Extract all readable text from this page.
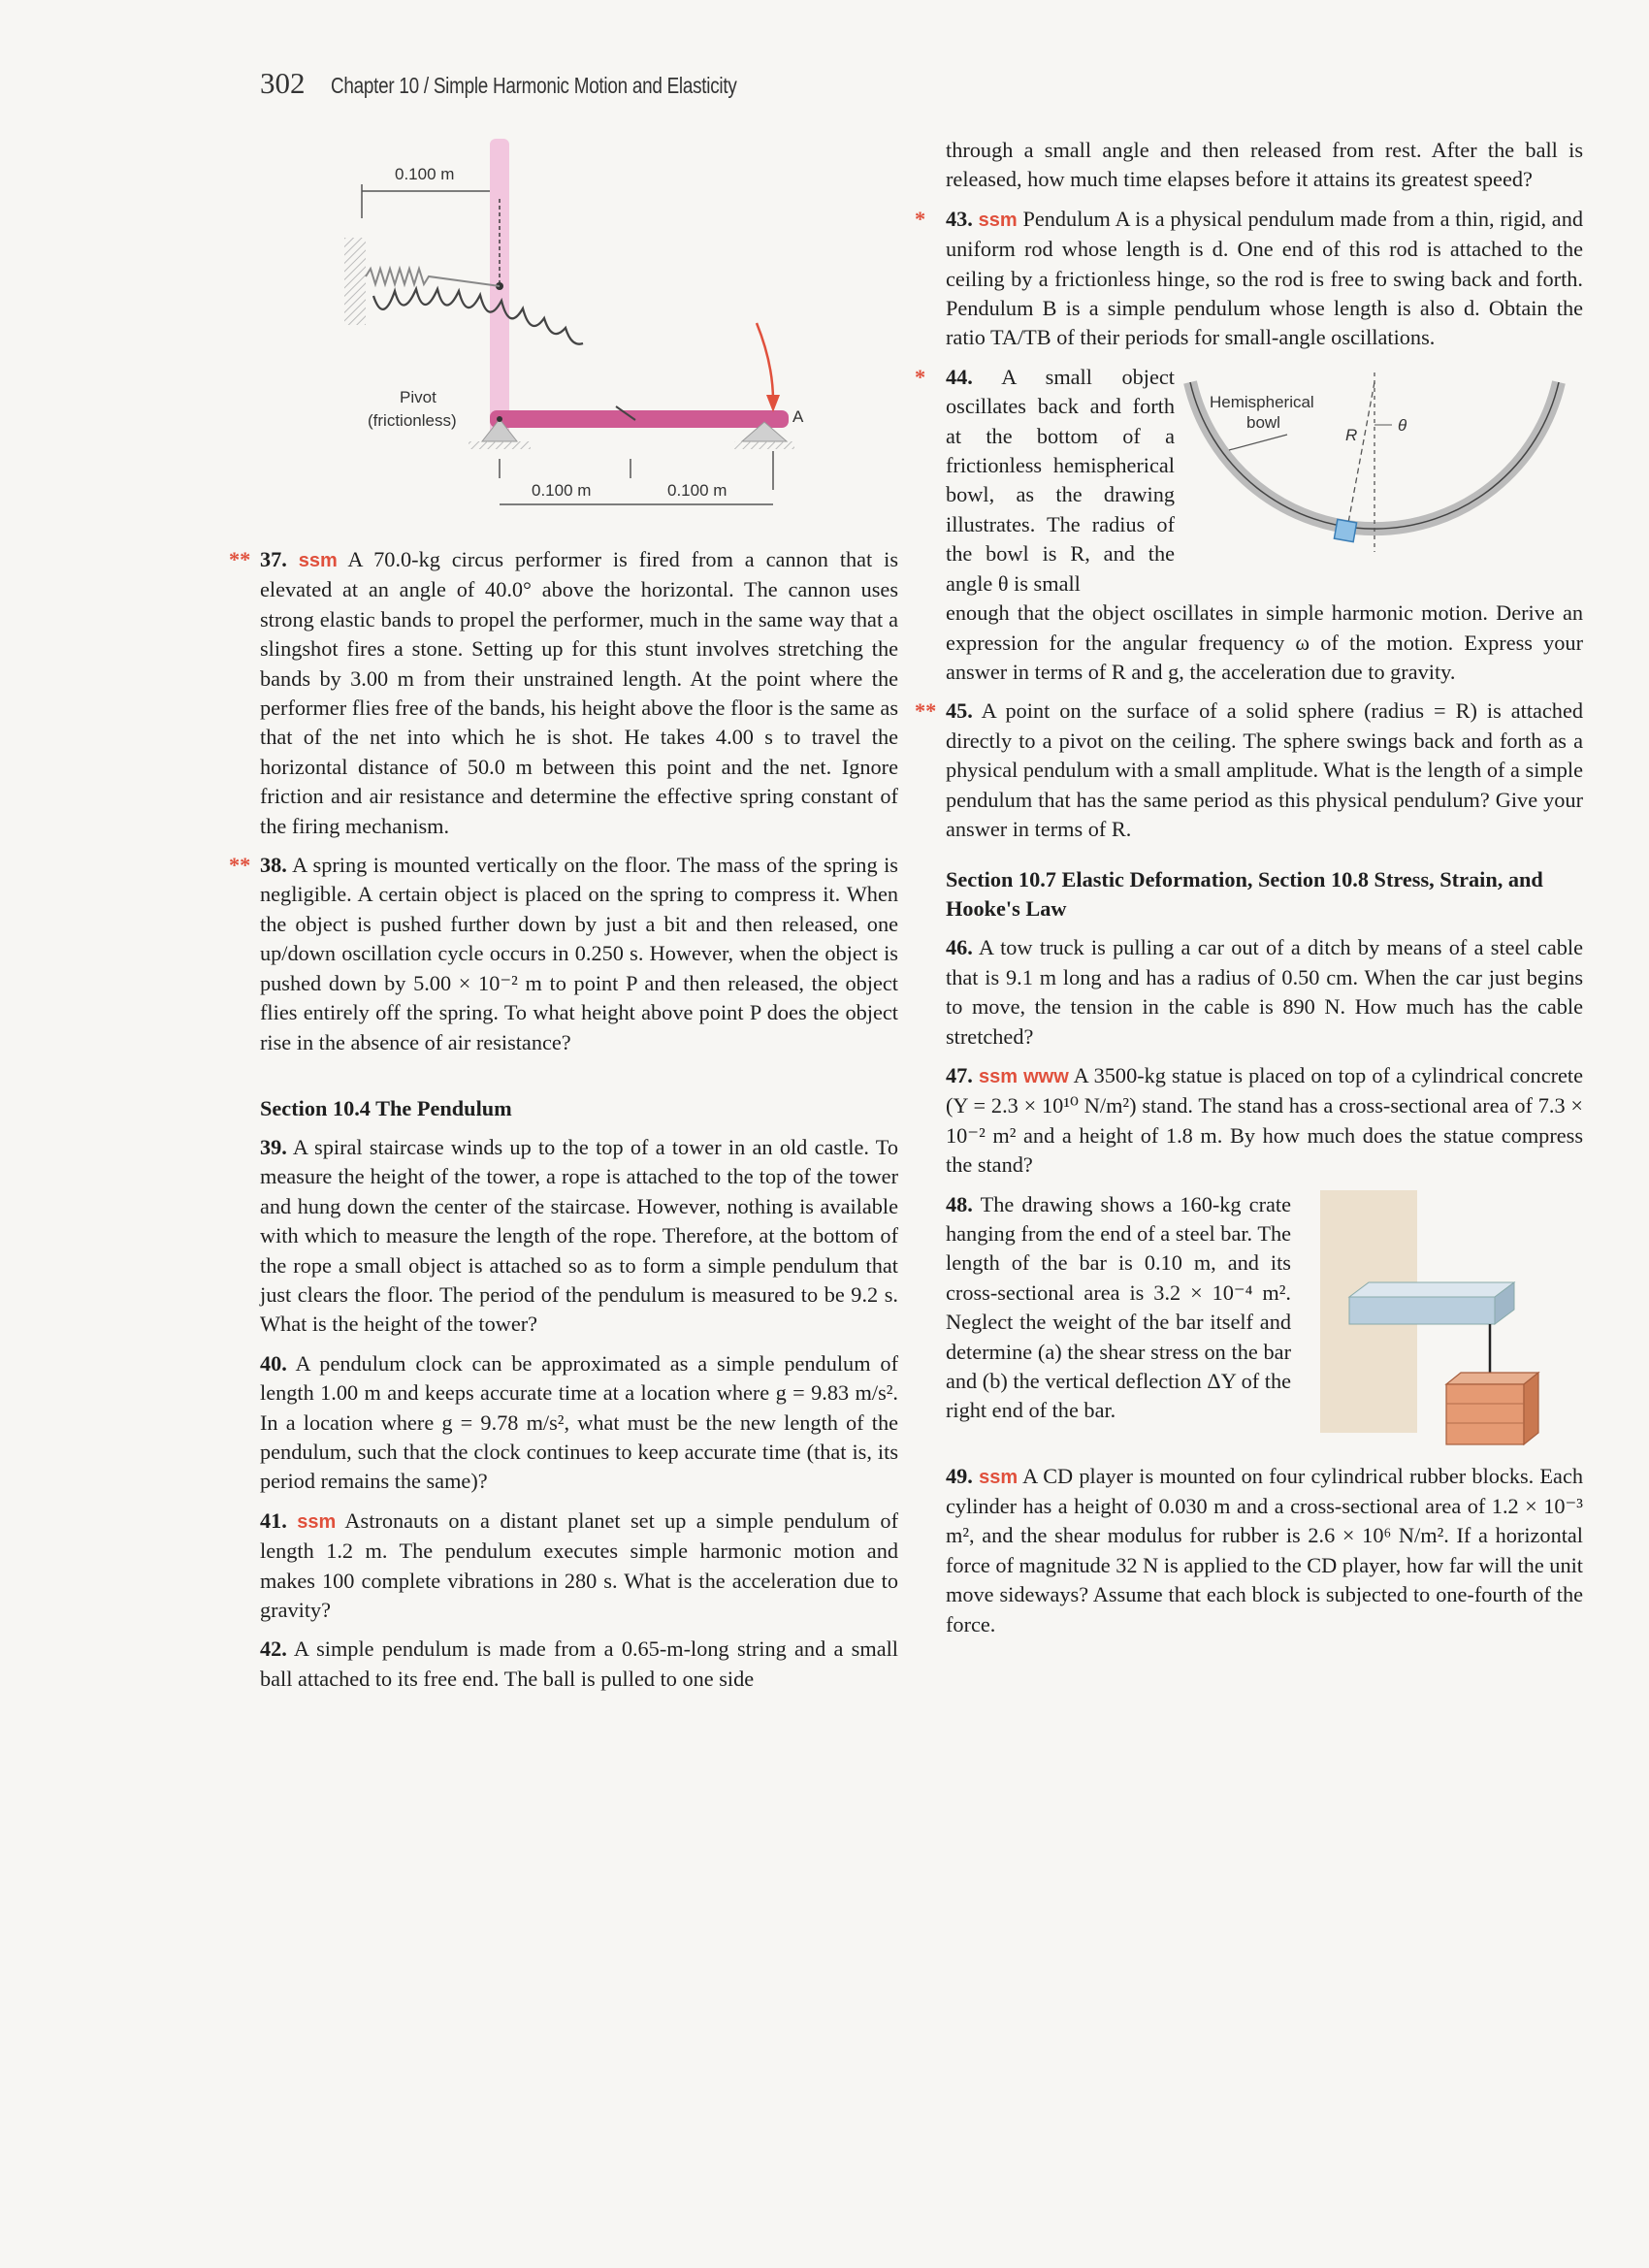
302 Chapter 10 / Simple Harmonic Motion and Elasticity
0.100 m
A
Pivot
(frictionless)
0.100 m	0.100 m

** 37. ssm A 70.0-kg circus performer is fired from a cannon that is elevated at an angle of 40.0° above the horizontal. The cannon uses strong elastic bands to propel the performer, much in the same way that a slingshot fires a stone. Setting up for this stunt involves stretching the bands by 3.00 m from their unstrained length. At the point where the performer flies free of the bands, his height above the floor is the same as that of the net into which he is shot. He takes 4.00 s to travel the horizontal distance of 50.0 m between this point and the net. Ignore friction and air resistance and determine the effective spring constant of the firing mechanism.

** 38. A spring is mounted vertically on the floor. The mass of the spring is negligible. A certain object is placed on the spring to compress it. When the object is pushed further down by just a bit and then released, one up/down oscillation cycle occurs in 0.250 s. However, when the object is pushed down by 5.00 × 10⁻² m to point P and then released, the object flies entirely off the spring. To what height above point P does the object rise in the absence of air resistance?

Section 10.4 The Pendulum

39. A spiral staircase winds up to the top of a tower in an old castle. To measure the height of the tower, a rope is attached to the top of the tower and hung down the center of the staircase. However, nothing is available with which to measure the length of the rope. Therefore, at the bottom of the rope a small object is attached so as to form a simple pendulum that just clears the floor. The period of the pendulum is measured to be 9.2 s. What is the height of the tower?

40. A pendulum clock can be approximated as a simple pendulum of length 1.00 m and keeps accurate time at a location where g = 9.83 m/s². In a location where g = 9.78 m/s², what must be the new length of the pendulum, such that the clock continues to keep accurate time (that is, its period remains the same)?

41. ssm Astronauts on a distant planet set up a simple pendulum of length 1.2 m. The pendulum executes simple harmonic motion and makes 100 complete vibrations in 280 s. What is the acceleration due to gravity?

42. A simple pendulum is made from a 0.65-m-long string and a small ball attached to its free end. The ball is pulled to one side

through a small angle and then released from rest. After the ball is released, how much time elapses before it attains its greatest speed?

* 43. ssm Pendulum A is a physical pendulum made from a thin, rigid, and uniform rod whose length is d. One end of this rod is attached to the ceiling by a frictionless hinge, so the rod is free to swing back and forth. Pendulum B is a simple pendulum whose length is also d. Obtain the ratio TA/TB of their periods for small-angle oscillations.

* 44. A small object oscillates back and forth at the bottom of a frictionless hemispherical bowl, as the drawing illustrates. The radius of the bowl is R, and the angle θ is small
Hemispherical
bowl
R
θ
enough that the object oscillates in simple harmonic motion. Derive an expression for the angular frequency ω of the motion. Express your answer in terms of R and g, the acceleration due to gravity.

** 45. A point on the surface of a solid sphere (radius = R) is attached directly to a pivot on the ceiling. The sphere swings back and forth as a physical pendulum with a small amplitude. What is the length of a simple pendulum that has the same period as this physical pendulum? Give your answer in terms of R.

Section 10.7 Elastic Deformation, Section 10.8 Stress, Strain, and Hooke's Law

46. A tow truck is pulling a car out of a ditch by means of a steel cable that is 9.1 m long and has a radius of 0.50 cm. When the car just begins to move, the tension in the cable is 890 N. How much has the cable stretched?

47. ssm www A 3500-kg statue is placed on top of a cylindrical concrete (Y = 2.3 × 10¹⁰ N/m²) stand. The stand has a cross-sectional area of 7.3 × 10⁻² m² and a height of 1.8 m. By how much does the statue compress the stand?

48. The drawing shows a 160-kg crate hanging from the end of a steel bar. The length of the bar is 0.10 m, and its cross-sectional area is 3.2 × 10⁻⁴ m². Neglect the weight of the bar itself and determine (a) the shear stress on the bar and (b) the vertical deflection ΔY of the right end of the bar.

49. ssm A CD player is mounted on four cylindrical rubber blocks. Each cylinder has a height of 0.030 m and a cross-sectional area of 1.2 × 10⁻³ m², and the shear modulus for rubber is 2.6 × 10⁶ N/m². If a horizontal force of magnitude 32 N is applied to the CD player, how far will the unit move sideways? Assume that each block is subjected to one-fourth of the force.
